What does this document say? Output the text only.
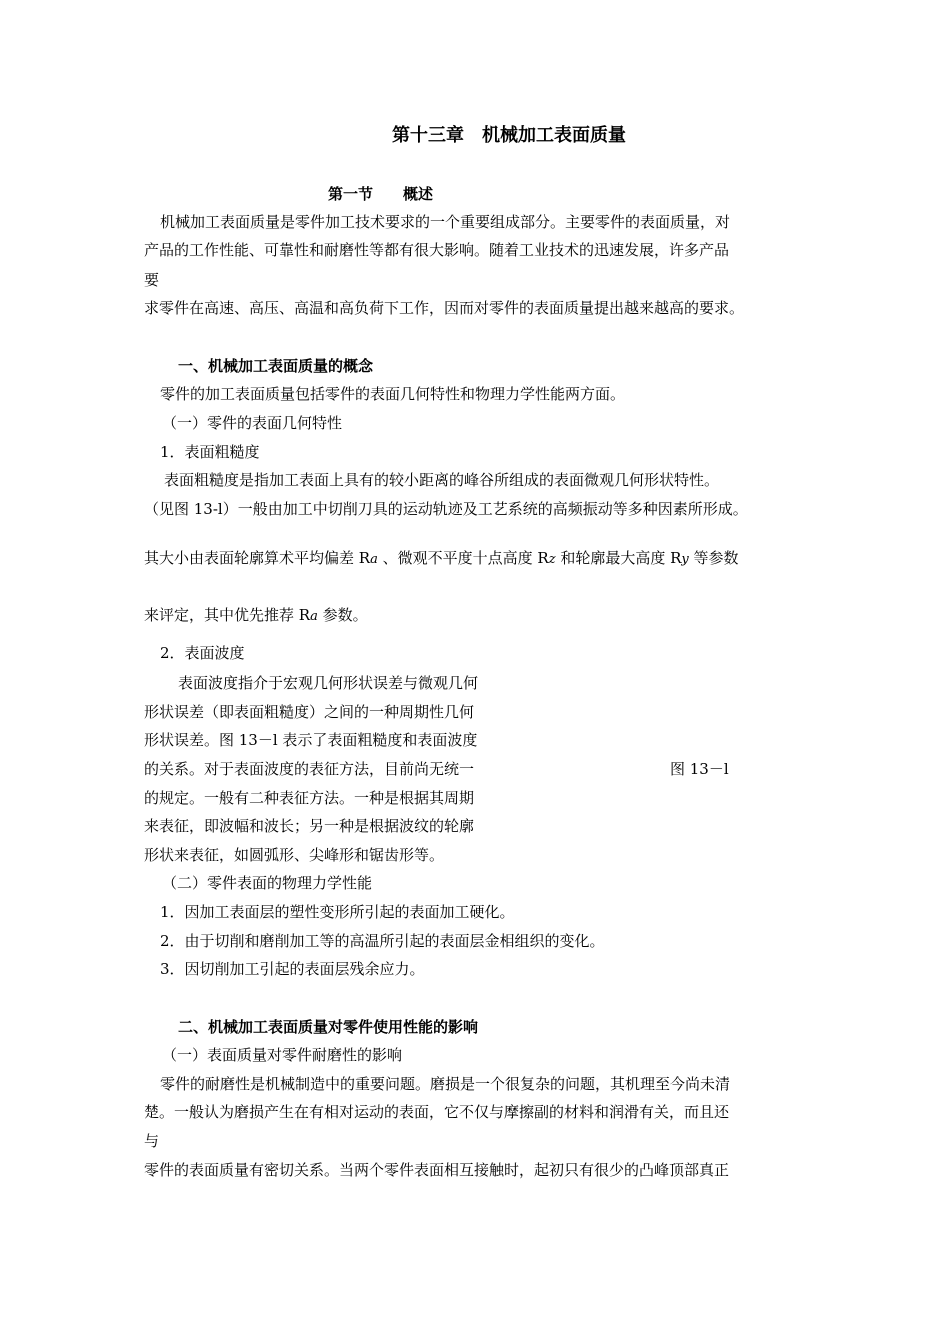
第十三章　机械加工表面质量
第一节　　概述
机械加工表面质量是零件加工技术要求的一个重要组成部分。主要零件的表面质量，对
产品的工作性能、可靠性和耐磨性等都有很大影响。随着工业技术的迅速发展，许多产品
要
求零件在高速、高压、高温和高负荷下工作，因而对零件的表面质量提出越来越高的要求。
一、机械加工表面质量的概念
零件的加工表面质量包括零件的表面几何特性和物理力学性能两方面。
（一）零件的表面几何特性
1．表面粗糙度
表面粗糙度是指加工表面上具有的较小距离的峰谷所组成的表面微观几何形状特性。
（见图 13-l）一般由加工中切削刀具的运动轨迹及工艺系统的高频振动等多种因素所形成。
其大小由表面轮廓算术平均偏差 Ra 、微观不平度十点高度 Rz 和轮廓最大高度 Ry 等参数
来评定，其中优先推荐 Ra 参数。
2．表面波度
表面波度指介于宏观几何形状误差与微观几何
形状误差（即表面粗糙度）之间的一种周期性几何
形状误差。图 13－l 表示了表面粗糙度和表面波度
的关系。对于表面波度的表征方法，目前尚无统一	图 13－l
的规定。一般有二种表征方法。一种是根据其周期
来表征，即波幅和波长；另一种是根据波纹的轮廓
形状来表征，如圆弧形、尖峰形和锯齿形等。
（二）零件表面的物理力学性能
1．因加工表面层的塑性变形所引起的表面加工硬化。
2．由于切削和磨削加工等的高温所引起的表面层金相组织的变化。
3．因切削加工引起的表面层残余应力。
二、机械加工表面质量对零件使用性能的影响
（一）表面质量对零件耐磨性的影响
零件的耐磨性是机械制造中的重要问题。磨损是一个很复杂的问题，其机理至今尚未清
楚。一般认为磨损产生在有相对运动的表面，它不仅与摩擦副的材料和润滑有关，而且还
与
零件的表面质量有密切关系。当两个零件表面相互接触时，起初只有很少的凸峰顶部真正
